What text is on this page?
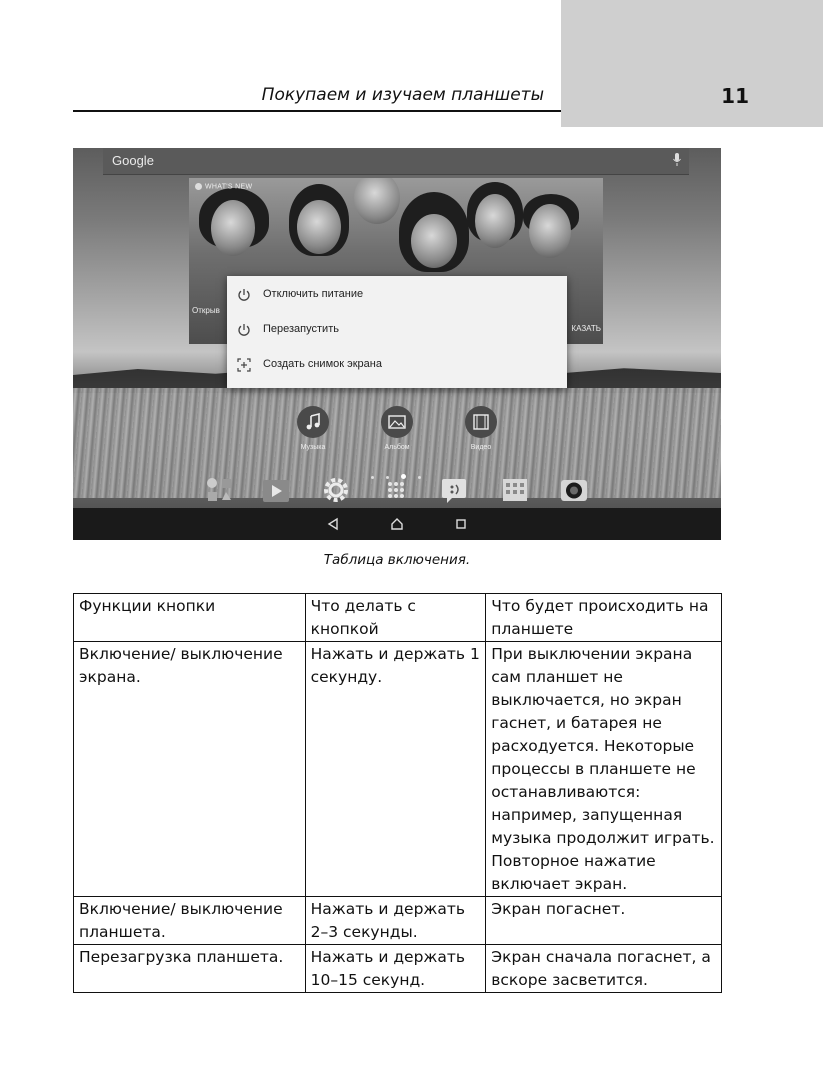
Покупаем и изучаем планшеты	11
Google
WHAT'S NEW
Открыв
КАЗАТЬ
Отключить питание
Перезапустить
Создать снимок экрана
Музыка	Альбом	Видео
Таблица включения.
Функции кнопки	Что делать с кнопкой	Что будет происходить на планшете
Включение/ выключение экрана.	Нажать и держать 1 секунду.	При выключении экрана сам планшет не выключается, но экран гаснет, и батарея не расходуется. Некоторые процессы в планшете не останавливаются: например, запущенная музыка продолжит играть. Повторное нажатие включает экран.
Включение/ выключение планшета.	Нажать и держать 2–3 секунды.	Экран погаснет.
Перезагрузка планшета.	Нажать и держать 10–15 секунд.	Экран сначала погаснет, а вскоре засветится.
